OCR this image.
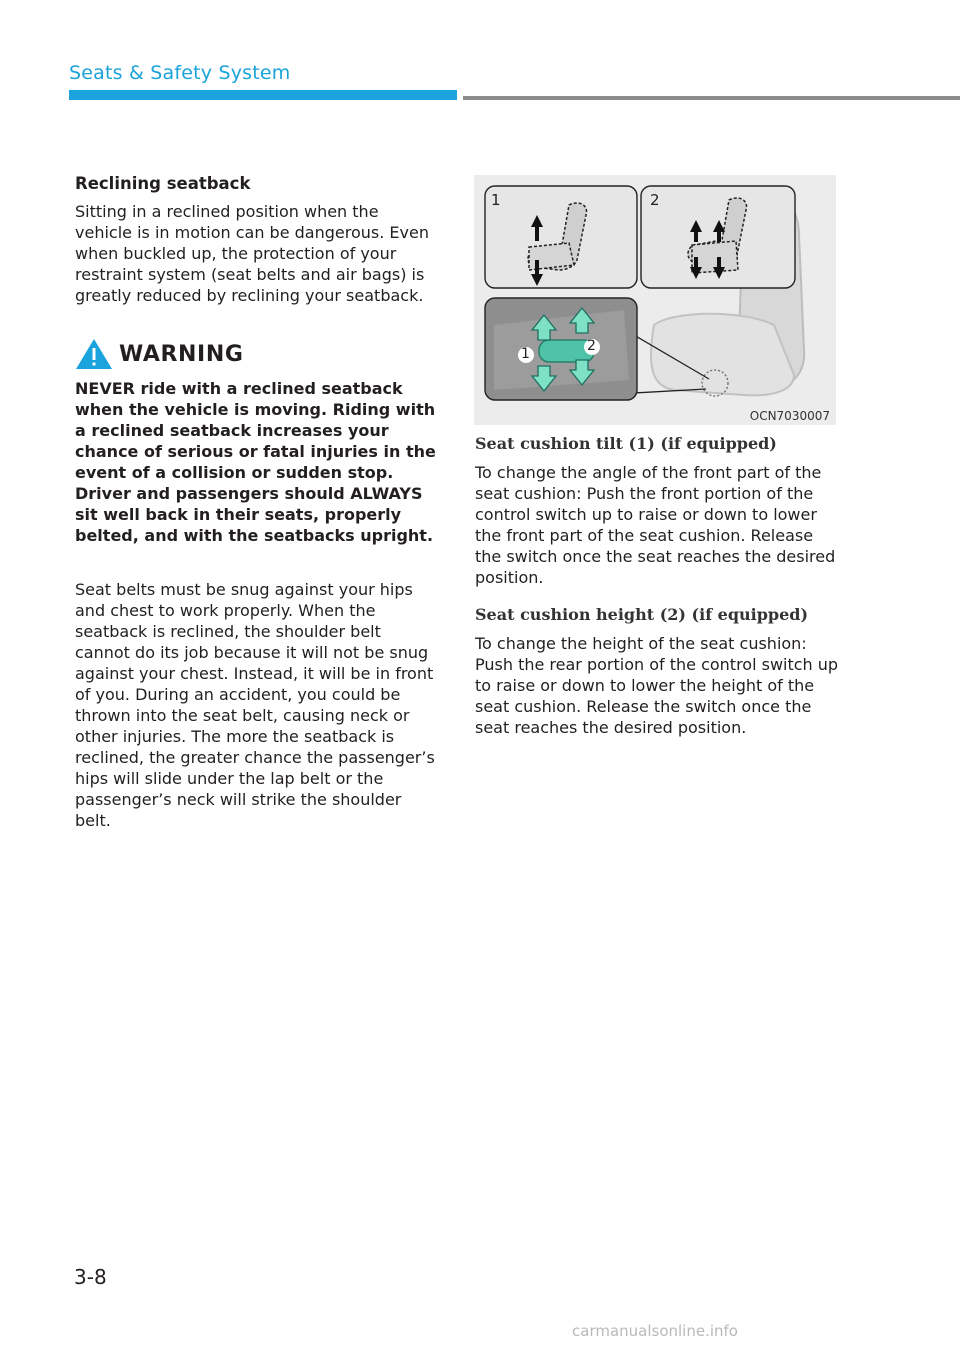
Seats & Safety System

Reclining seatback

Sitting in a reclined position when the vehicle is in motion can be dangerous. Even when buckled up, the protection of your restraint system (seat belts and air bags) is greatly reduced by reclining your seatback.

WARNING

NEVER ride with a reclined seatback when the vehicle is moving. Riding with a reclined seatback increases your chance of serious or fatal injuries in the event of a collision or sudden stop. Driver and passengers should ALWAYS sit well back in their seats, properly belted, and with the seatbacks upright.

Seat belts must be snug against your hips and chest to work properly. When the seatback is reclined, the shoulder belt cannot do its job because it will not be snug against your chest. Instead, it will be in front of you. During an accident, you could be thrown into the seat belt, causing neck or other injuries. The more the seatback is reclined, the greater chance the passenger’s hips will slide under the lap belt or the passenger’s neck will strike the shoulder belt.

1	2
1	2
OCN7030007

Seat cushion tilt (1) (if equipped)

To change the angle of the front part of the seat cushion: Push the front portion of the control switch up to raise or down to lower the front part of the seat cushion. Release the switch once the seat reaches the desired position.

Seat cushion height (2) (if equipped)

To change the height of the seat cushion: Push the rear portion of the control switch up to raise or down to lower the height of the seat cushion. Release the switch once the seat reaches the desired position.

3-8
carmanualsonline.info
